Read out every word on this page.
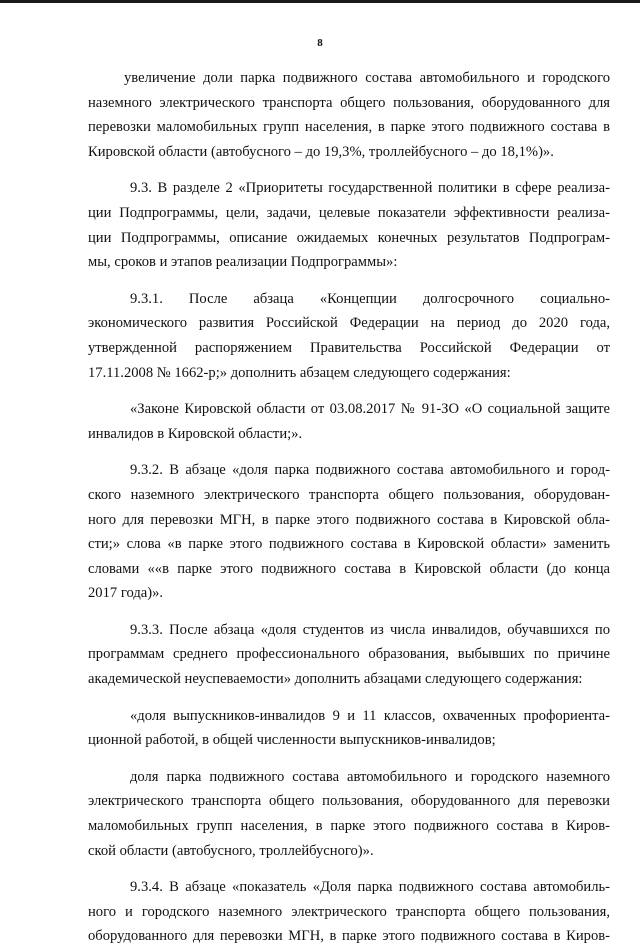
8
увеличение доли парка подвижного состава автомобильного и городского
наземного электрического транспорта общего пользования, оборудованного для
перевозки маломобильных групп населения, в парке этого подвижного состава в
Кировской области (автобусного – до 19,3%, троллейбусного – до 18,1%)».
9.3. В разделе 2 «Приоритеты государственной политики в сфере реализа-
ции Подпрограммы, цели, задачи, целевые показатели эффективности реализа-
ции Подпрограммы, описание ожидаемых конечных результатов Подпрограм-
мы, сроков и этапов реализации Подпрограммы»:
9.3.1. После абзаца «Концепции долгосрочного социально-
экономического развития Российской Федерации на период до 2020 года,
утвержденной распоряжением Правительства Российской Федерации от
17.11.2008 № 1662-р;» дополнить абзацем следующего содержания:
«Законе Кировской области от 03.08.2017 № 91-ЗО «О социальной защите
инвалидов в Кировской области;».
9.3.2. В абзаце «доля парка подвижного состава автомобильного и город-
ского наземного электрического транспорта общего пользования, оборудован-
ного для перевозки МГН, в парке этого подвижного состава в Кировской обла-
сти;» слова «в парке этого подвижного состава в Кировской области» заменить
словами ««в парке этого подвижного состава в Кировской области (до конца
2017 года)».
9.3.3. После абзаца «доля студентов из числа инвалидов, обучавшихся по
программам среднего профессионального образования, выбывших по причине
академической неуспеваемости» дополнить абзацами следующего содержания:
«доля выпускников-инвалидов 9 и 11 классов, охваченных профориента-
ционной работой, в общей численности выпускников-инвалидов;
доля парка подвижного состава автомобильного и городского наземного
электрического транспорта общего пользования, оборудованного для перевозки
маломобильных групп населения, в парке этого подвижного состава в Киров-
ской области (автобусного, троллейбусного)».
9.3.4. В абзаце «показатель «Доля парка подвижного состава автомобиль-
ного и городского наземного электрического транспорта общего пользования,
оборудованного для перевозки МГН, в парке этого подвижного состава в Киров-
